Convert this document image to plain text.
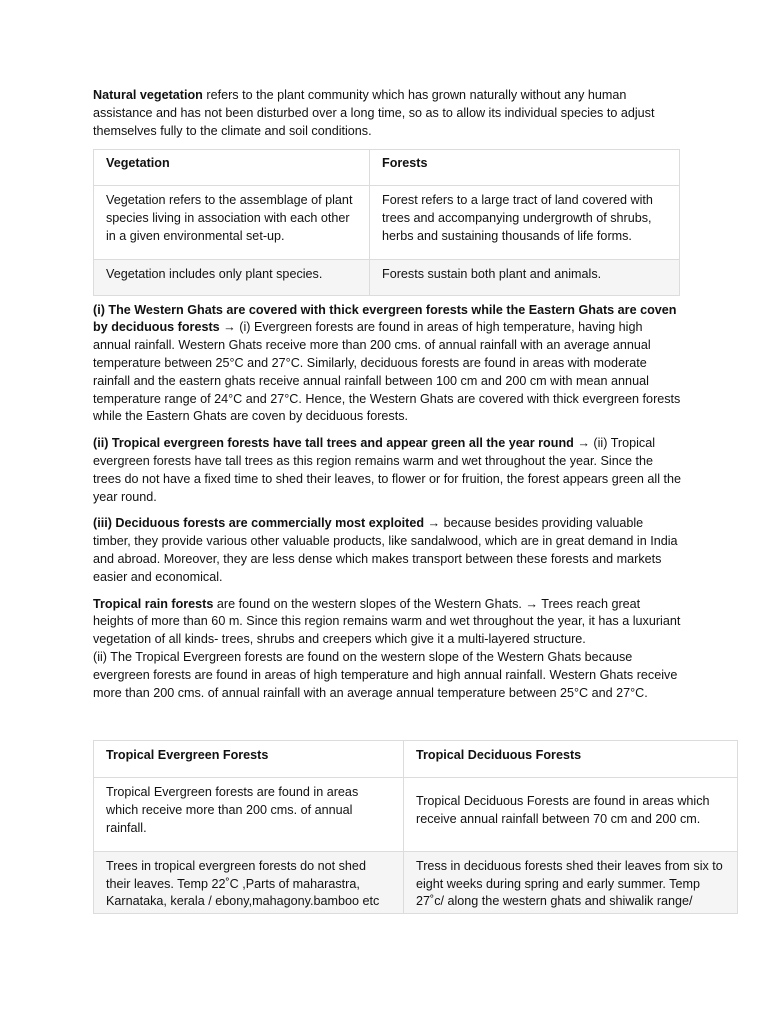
Natural vegetation refers to the plant community which has grown naturally without any human assistance and has not been disturbed over a long time, so as to allow its individual species to adjust themselves fully to the climate and soil conditions.

Vegetation	Forests
Vegetation refers to the assemblage of plant species living in association with each other in a given environmental set-up.	Forest refers to a large tract of land covered with trees and accompanying undergrowth of shrubs, herbs and sustaining thousands of life forms.
Vegetation includes only plant species.	Forests sustain both plant and animals.

(i) The Western Ghats are covered with thick evergreen forests while the Eastern Ghats are coven by deciduous forests → (i) Evergreen forests are found in areas of high temperature, having high annual rainfall. Western Ghats receive more than 200 cms. of annual rainfall with an average annual temperature between 25°C and 27°C. Similarly, deciduous forests are found in areas with moderate rainfall and the eastern ghats receive annual rainfall between 100 cm and 200 cm with mean annual temperature range of 24°C and 27°C. Hence, the Western Ghats are covered with thick evergreen forests while the Eastern Ghats are coven by deciduous forests.

(ii) Tropical evergreen forests have tall trees and appear green all the year round → (ii) Tropical evergreen forests have tall trees as this region remains warm and wet throughout the year. Since the trees do not have a fixed time to shed their leaves, to flower or for fruition, the forest appears green all the year round.

(iii) Deciduous forests are commercially most exploited → because besides providing valuable timber, they provide various other valuable products, like sandalwood, which are in great demand in India and abroad. Moreover, they are less dense which makes transport between these forests and markets easier and economical.

Tropical rain forests are found on the western slopes of the Western Ghats. → Trees reach great heights of more than 60 m. Since this region remains warm and wet throughout the year, it has a luxuriant vegetation of all kinds- trees, shrubs and creepers which give it a multi-layered structure.
(ii) The Tropical Evergreen forests are found on the western slope of the Western Ghats because evergreen forests are found in areas of high temperature and high annual rainfall. Western Ghats receive more than 200 cms. of annual rainfall with an average annual temperature between 25°C and 27°C.

Tropical Evergreen Forests	Tropical Deciduous Forests
Tropical Evergreen forests are found in areas which receive more than 200 cms. of annual rainfall.	Tropical Deciduous Forests are found in areas which receive annual rainfall between 70 cm and 200 cm.
Trees in tropical evergreen forests do not shed their leaves. Temp 22˚C ,Parts of maharastra, Karnataka, kerala / ebony,mahagony.bamboo etc	Tress in deciduous forests shed their leaves from six to eight weeks during spring and early summer. Temp 27˚c/ along the western ghats and shiwalik range/
